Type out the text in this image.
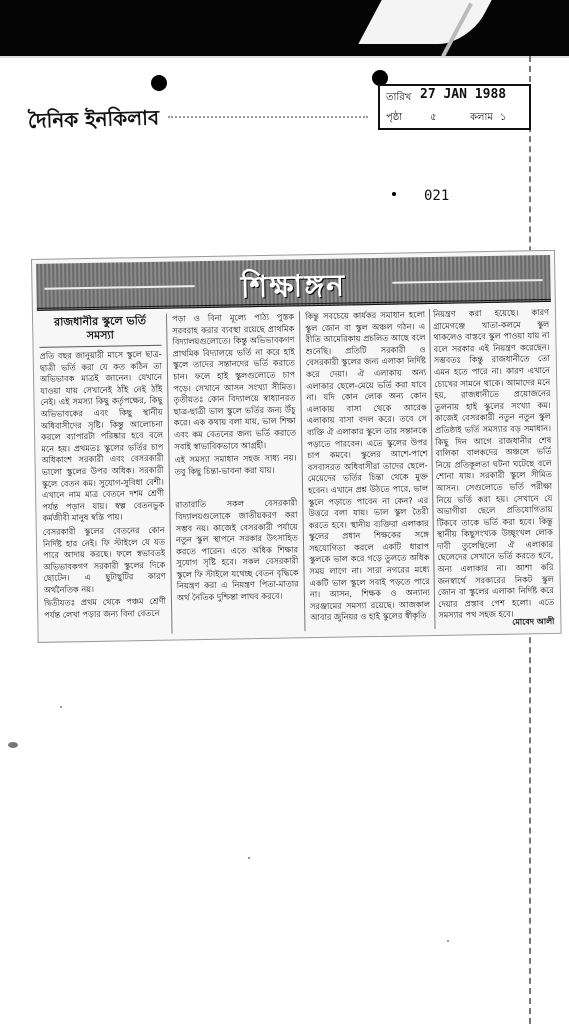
দৈনিক ইনকিলাব
তারিখ 27 JAN 1988
পৃষ্ঠা	৫	কলাম ১
021
শিক্ষাঙ্গন
রাজধানীর স্কুলে ভর্তি সমস্যা

প্রতি বছর জানুয়ারী মাসে স্কুলে ছাত্র-ছাত্রী ভর্তি করা যে কত কঠিন তা অভিভাবক মাত্রই জানেন। যেখানে যাওয়া যায় সেখানেই ঠাঁই নেই ঠাঁই নেই। এই সমস্যা কিছু কর্তৃপক্ষের, কিছু অভিভাবকের এবং কিছু স্থানীয় অধিবাসীদের সৃষ্টি। কিন্তু আলোচনা করলে ব্যাপারটা পরিষ্কার হবে বলে মনে হয়। প্রথমতঃ স্কুলের ভর্তির চাপ অধিকাংশ সরকারী এবং বেসরকারী ভালো স্কুলের উপর অধিক। সরকারী স্কুলে বেতন কম। সুযোগ-সুবিধা বেশী। এখানে নাম মাত্র বেতনে দশম শ্রেণী পর্যন্ত পড়ান যায়। স্বল্প বেতনভুক কর্মজীবী মানুষ স্বস্তি পায়।

বেসরকারী স্কুলের বেতনের কোন নির্দিষ্ট হার নেই। ফি স্টাইলে যে যত পারে আদায় করছে। ফলে স্বভাবতই অভিভাবকগণ সরকারী স্কুলের দিকে ছোটেন। এ ছুটাছুটির কারণ অর্থনৈতিক নয়।

দ্বিতীয়তঃ প্রথম থেকে পঞ্চম শ্রেণী পর্যন্ত লেখা পড়ার জন্য বিনা বেতনে

পড়া ও বিনা মূল্যে পাঠ্য পুস্তক সরবরাহ করার ব্যবস্থা রয়েছে প্রাথমিক বিদ্যালয়গুলোতে। কিন্তু অভিভাবকগণ প্রাথমিক বিদ্যালয়ে ভর্তি না করে হাই স্কুলে তাদের সন্তানদের ভর্তি করাতে চান। ফলে হাই স্কুলগুলোতে চাপ পড়ে। সেখানে আসন সংখ্যা সীমিত। তৃতীয়তঃ কোন বিদ্যালয়ে স্বাধ্যানরত ছাত্র-ছাত্রী ভাল স্কুলে ভর্তির জন্য উঁচু করে। এক কথায় বলা যায়, ভাল শিক্ষা এবং কম বেতনের জন্য ভর্তি করাতে সবাই স্বাভাবিকভাবে আগ্রহী।

এই সমস্যা সমাধান সহজ সাধ্য নয়। তবু কিছু চিন্তা-ভাবনা করা যায়।

রাতারাতি সকল বেসরকারী বিদ্যালয়গুলোকে জাতীয়করণ করা সম্ভব নয়। কাজেই বেসরকারী পর্যায়ে নতুন স্কুল স্থাপনে সরকার উৎসাহিত করতে পারেন। এতে অধিক শিক্ষার সুযোগ সৃষ্টি হবে। সকল বেসরকারী স্কুলে ফি স্টাইলে যথেচ্ছ বেতন বৃদ্ধিকে নিয়ন্ত্রণ করা এ নিয়ন্ত্রণ পিতা-মাতার অর্থ নৈতিক দুশ্চিন্তা লাঘব করবে।

কিন্তু সবচেয়ে কার্যকর সমাধান হলো স্কুল জোন বা স্কুল অঞ্চল গঠন। এ রীতি আমেরিকায় প্রচলিত আছে বলে শুনেছি। প্রতিটি সরকারী ও বেসরকারী স্কুলের জন্য এলাকা নির্দিষ্ট করে দেয়া। ঐ এলাকায় অন্য এলাকার ছেলে-মেয়ে ভর্তি করা যাবে না। যদি কোন লোক অন্য কোন এলাকায় বাসা থেকে আরেক এলাকায় বাসা বদল করে। তবে সে ব্যক্তি ঐ এলাকার স্কুলে তার সন্তানকে পড়াতে পারবেন। এতে স্কুলের উপর চাপ কমবে। স্কুলের আশে-পাশে বসবাসরত অধিবাসীরা তাদের ছেলে-মেয়েদের ভর্তির চিন্তা থেকে মুক্ত হবেন। এখানে প্রশ্ন উঠতে পারে, ভাল স্কুলে পড়াতে পাবেন না কেন? এর উত্তরে বলা যায়। ভাল স্কুল তৈরী করতে হবে। স্থানীয় ব্যক্তিরা এলাকার স্কুলের প্রধান শিক্ষকের সঙ্গে সহযোগিতা করলে একটি ধারাপ স্কুলকে ভাল করে গড়ে তুলতে অধিক সময় লাগে না। সারা নগরের মধ্যে একটি ভাল স্কুলে সবাই পড়তে পারে না। আসন, শিক্ষক ও অন্যান্য সরঞ্জামের সমস্যা রয়েছে। আজকাল আবার জুনিয়র ও হাই স্কুলের স্বীকৃতি

নিয়ন্ত্রণ করা হয়েছে। কারণ গ্রামেগঞ্জে খাতা-কলমে স্কুল থাকলেও বাস্তবে স্কুল পাওয়া যায় না বলে সরকার এই নিয়ন্ত্রণ করেছেন। সম্ভবতঃ কিন্তু রাজধানীতে তো এমন হতে পারে না। কারণ এখানে চোখের সামনে থাকে। আমাদের মনে হয়, রাজধানীতে প্রয়োজনের তুলনায় হাই স্কুলের সংখ্যা কম। কাজেই বেসরকারী নতুন নতুন স্কুল প্রতিষ্ঠাই ভর্তি সমস্যার বড় সমাধান। কিছু দিন আগে রাজধানীর শেষ বালিকা বালকদের অঞ্চলে ভর্তি নিয়ে প্রতিকূলতা ঘটনা ঘটেছে বলে শোনা যায়। সরকারী স্কুলে সীমিত আসন। সেগুলোতে ভর্তি পরীক্ষা নিয়ে ভর্তি করা হয়। সেখানে যে অভাগীরা ছেলে প্রতিযোগিতায় টিকবে তাকে ভর্তি করা হবে। কিন্তু স্থানীয় কিছুসংখ্যক উচ্ছৃংখল লোক দাবী তুলেছিলো ঐ এলাকার ছেলেদের সেখানে ভর্তি করতে হবে, অন্য এলাকার না। আশা করি জনস্বার্থে সরকারের নিকট স্কুল জোন বা স্কুলের এলাকা নির্দিষ্ট করে দেয়ার প্রস্তাব পেশ হলো। এতে সমস্যার পথ সহজ হবে।

মোবেদ আলী
